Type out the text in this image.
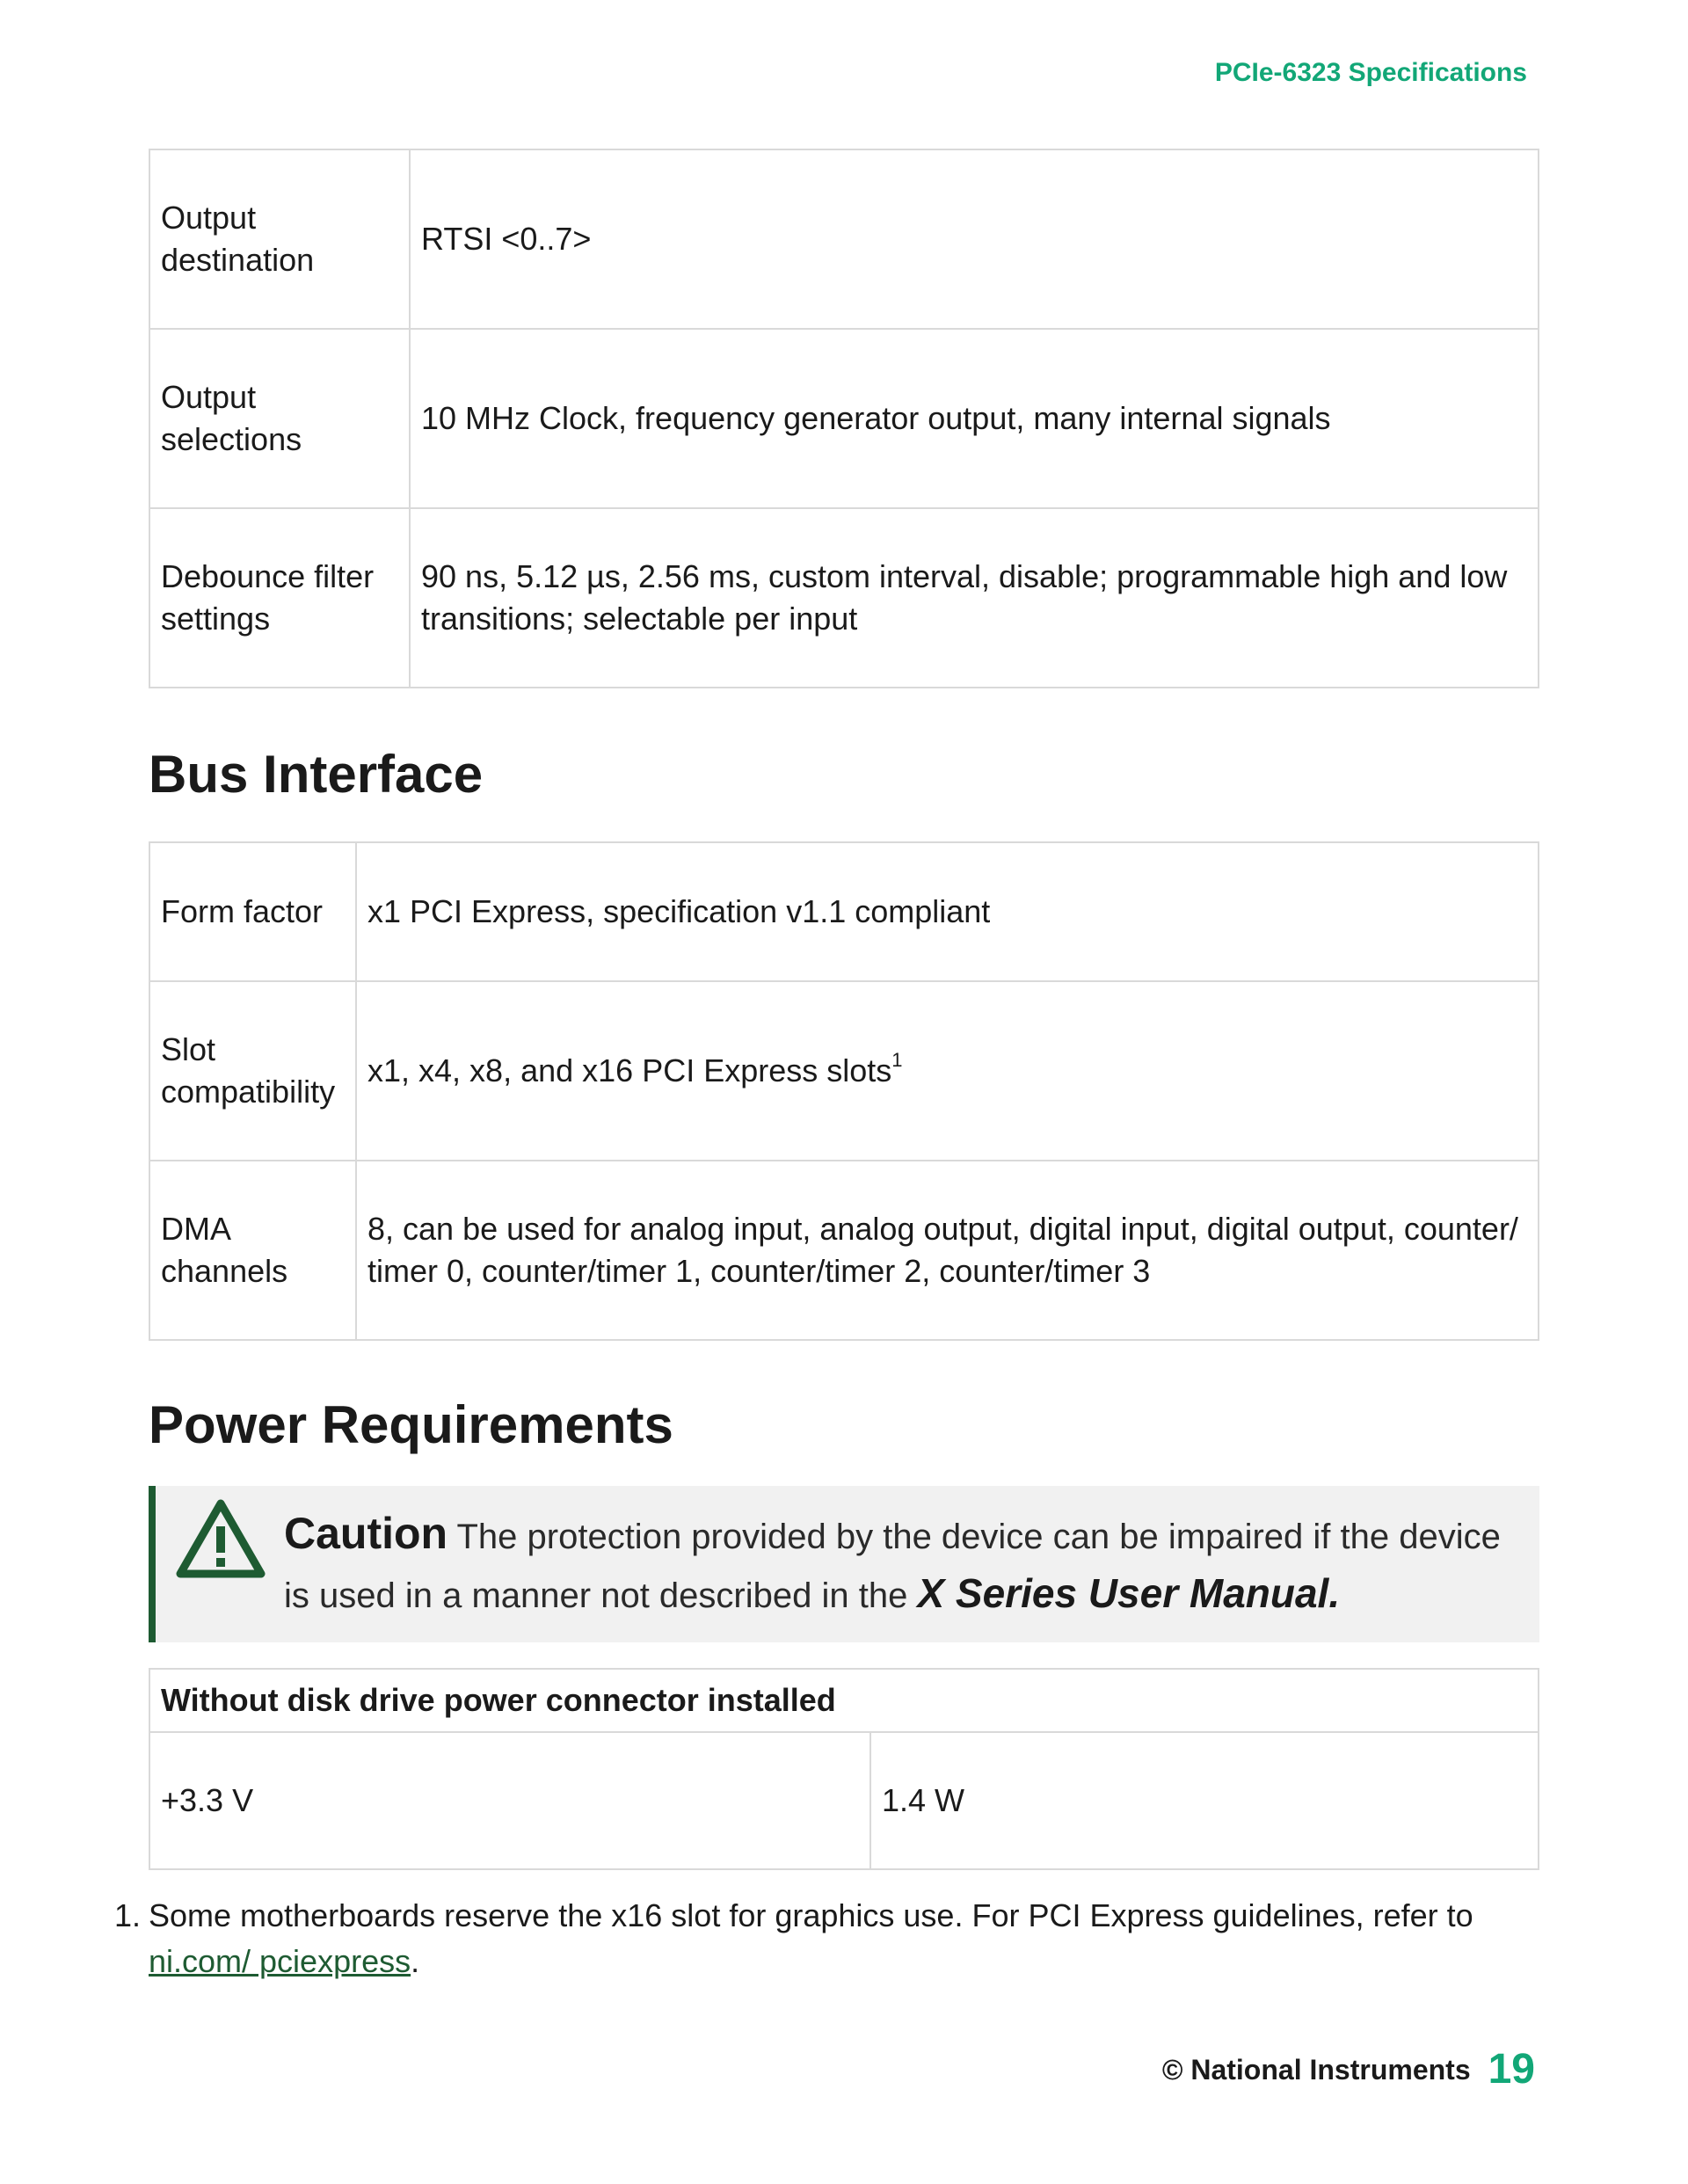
PCIe-6323 Specifications
Output destination	RTSI <0..7>
Output selections	10 MHz Clock, frequency generator output, many internal signals
Debounce filter settings	90 ns, 5.12 µs, 2.56 ms, custom interval, disable; programmable high and low transitions; selectable per input
Bus Interface
Form factor	x1 PCI Express, specification v1.1 compliant
Slot compatibility	x1, x4, x8, and x16 PCI Express slots$^1$
DMA channels	8, can be used for analog input, analog output, digital input, digital output, counter/ timer 0, counter/timer 1, counter/timer 2, counter/timer 3
Power Requirements
Caution The protection provided by the device can be impaired if the device is used in a manner not described in the X Series User Manual.
Without disk drive power connector installed
+3.3 V	1.4 W
1. Some motherboards reserve the x16 slot for graphics use. For PCI Express guidelines, refer to ni.com/ pciexpress.
© National Instruments 19
